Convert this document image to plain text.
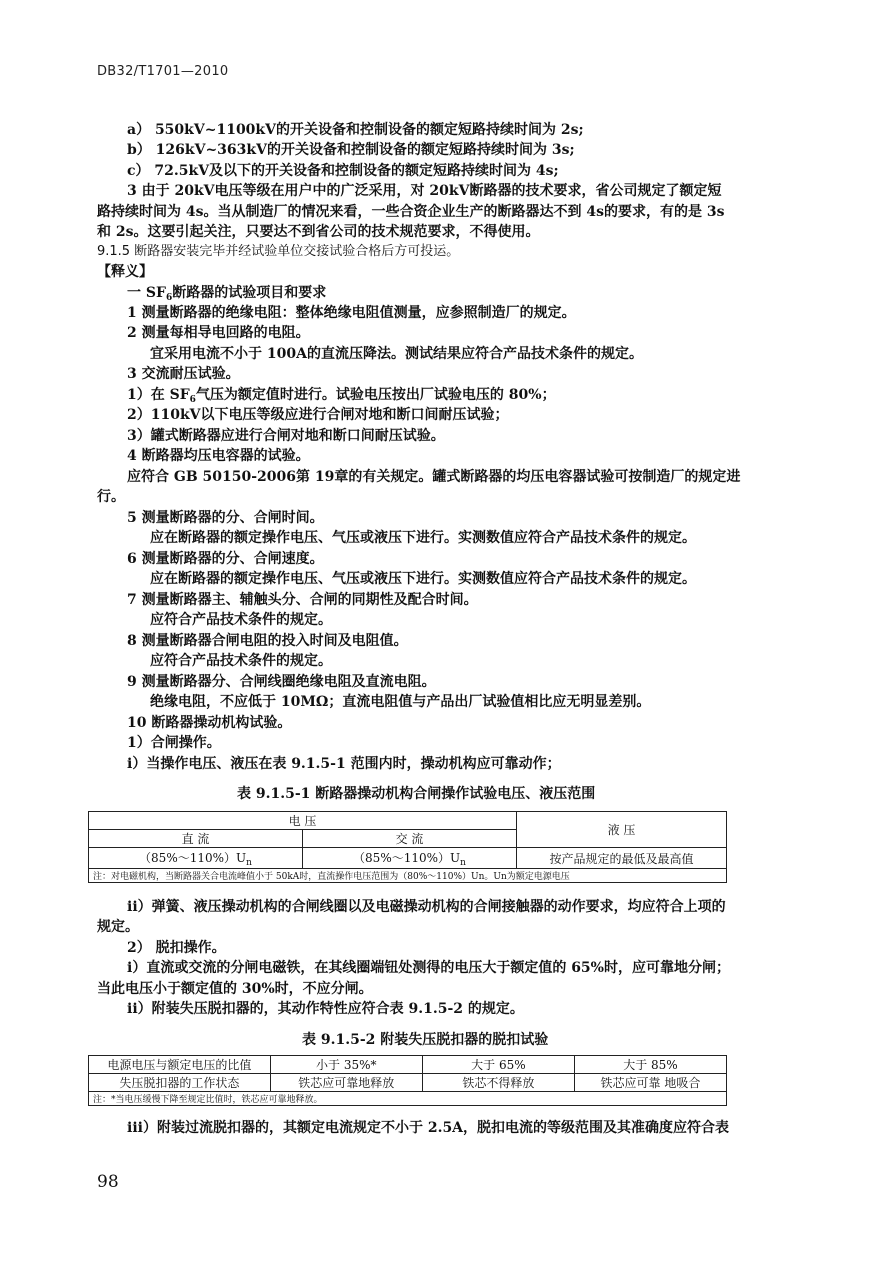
DB32/T1701—2010
a） 550kV~1100kV的开关设备和控制设备的额定短路持续时间为 2s;
b） 126kV~363kV的开关设备和控制设备的额定短路持续时间为 3s;
c） 72.5kV及以下的开关设备和控制设备的额定短路持续时间为 4s;
3 由于 20kV电压等级在用户中的广泛采用，对 20kV断路器的技术要求，省公司规定了额定短
路持续时间为 4s。当从制造厂的情况来看，一些合资企业生产的断路器达不到 4s的要求，有的是 3s
和 2s。这要引起关注，只要达不到省公司的技术规范要求，不得使用。
9.1.5 断路器安装完毕并经试验单位交接试验合格后方可投运。
【释义】
一 $SF_6$断路器的试验项目和要求
1 测量断路器的绝缘电阻：整体绝缘电阻值测量，应参照制造厂的规定。
2 测量每相导电回路的电阻。
宜采用电流不小于 100A的直流压降法。测试结果应符合产品技术条件的规定。
3 交流耐压试验。
1）在 $SF_6$气压为额定值时进行。试验电压按出厂试验电压的 80%；
2）110kV以下电压等级应进行合闸对地和断口间耐压试验；
3）罐式断路器应进行合闸对地和断口间耐压试验。
4 断路器均压电容器的试验。
应符合 GB 50150-2006第 19章的有关规定。罐式断路器的均压电容器试验可按制造厂的规定进
行。
5 测量断路器的分、合闸时间。
应在断路器的额定操作电压、气压或液压下进行。实测数值应符合产品技术条件的规定。
6 测量断路器的分、合闸速度。
应在断路器的额定操作电压、气压或液压下进行。实测数值应符合产品技术条件的规定。
7 测量断路器主、辅触头分、合闸的同期性及配合时间。
应符合产品技术条件的规定。
8 测量断路器合闸电阻的投入时间及电阻值。
应符合产品技术条件的规定。
9 测量断路器分、合闸线圈绝缘电阻及直流电阻。
绝缘电阻，不应低于 10MΩ；直流电阻值与产品出厂试验值相比应无明显差别。
10 断路器操动机构试验。
1）合闸操作。
i）当操作电压、液压在表 9.1.5-1 范围内时，操动机构应可靠动作；
表 9.1.5-1 断路器操动机构合闸操作试验电压、液压范围
电 压		液 压
直 流	交 流	
$(85\%\sim 110\%)U_n$	$(85\%\sim 110\%)U_n$	按产品规定的最低及最高值
注：对电磁机构，当断路器关合电流峰值小于 50kA时，直流操作电压范围为（80%～110%）Un。Un为额定电源电压		
ii）弹簧、液压操动机构的合闸线圈以及电磁操动机构的合闸接触器的动作要求，均应符合上项的
规定。
2） 脱扣操作。
i）直流或交流的分闸电磁铁，在其线圈端钮处测得的电压大于额定值的 65%时，应可靠地分闸；
当此电压小于额定值的 30%时，不应分闸。
ii）附装失压脱扣器的，其动作特性应符合表 9.1.5-2 的规定。
表 9.1.5-2 附装失压脱扣器的脱扣试验
电源电压与额定电压的比值	小于 35%*	大于 65%	大于 85%
失压脱扣器的工作状态	铁芯应可靠地释放	铁芯不得释放	铁芯应可靠 地吸合
注：*当电压缓慢下降至规定比值时，铁芯应可靠地释放。			
iii）附装过流脱扣器的，其额定电流规定不小于 2.5A，脱扣电流的等级范围及其准确度应符合表
98
